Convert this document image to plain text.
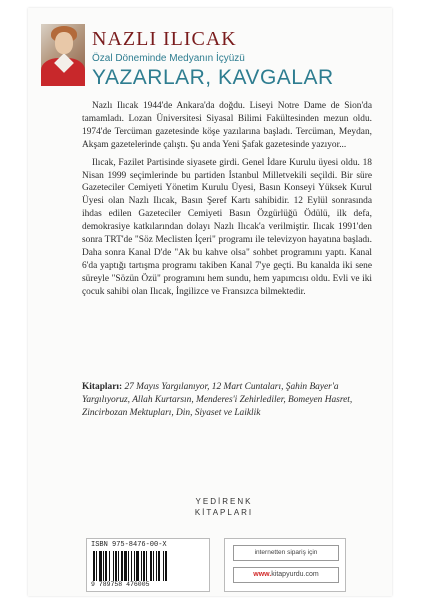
NAZLI ILICAK
Özal Döneminde Medyanın İçyüzü
YAZARLAR, KAVGALAR

Nazlı Ilıcak 1944'de Ankara'da doğdu. Liseyi Notre Dame de Sion'da tamamladı. Lozan Üniversitesi Siyasal Bilimi Fakültesinden mezun oldu. 1974'de Tercüman gazetesinde köşe yazılarına başladı. Tercüman, Meydan, Akşam gazetelerinde çalıştı. Şu anda Yeni Şafak gazetesinde yazıyor...

Ilıcak, Fazilet Partisinde siyasete girdi. Genel İdare Kurulu üyesi oldu. 18 Nisan 1999 seçimlerinde bu partiden İstanbul Milletvekili seçildi. Bir süre Gazeteciler Cemiyeti Yönetim Kurulu Üyesi, Basın Konseyi Yüksek Kurul Üyesi olan Nazlı Ilıcak, Basın Şeref Kartı sahibidir. 12 Eylül sonrasında ihdas edilen Gazeteciler Cemiyeti Basın Özgürlüğü Ödülü, ilk defa, demokrasiye katkılarından dolayı Nazlı Ilıcak'a verilmiştir. Ilıcak 1991'den sonra TRT'de "Söz Meclisten İçeri" programı ile televizyon hayatına başladı. Daha sonra Kanal D'de "Ak bu kahve olsa" sohbet programını yaptı. Kanal 6'da yaptığı tartışma programı takiben Kanal 7'ye geçti. Bu kanalda iki sene süreyle "Sözün Özü" programını hem sundu, hem yapımcısı oldu. Evli ve iki çocuk sahibi olan Ilıcak, İngilizce ve Fransızca bilmektedir.

Kitapları: 27 Mayıs Yargılanıyor, 12 Mart Cuntaları, Şahin Bayer'a Yargılıyoruz, Allah Kurtarsın, Menderes'i Zehirlediler, Bomeyen Hasret, Zincirbozan Mektupları, Din, Siyaset ve Laiklik
YEDİRENK
KİTAPLARI
ISBN 975-8476-00-X
9 789758 476005
internetten sipariş için
www.kitapyurdu.com
